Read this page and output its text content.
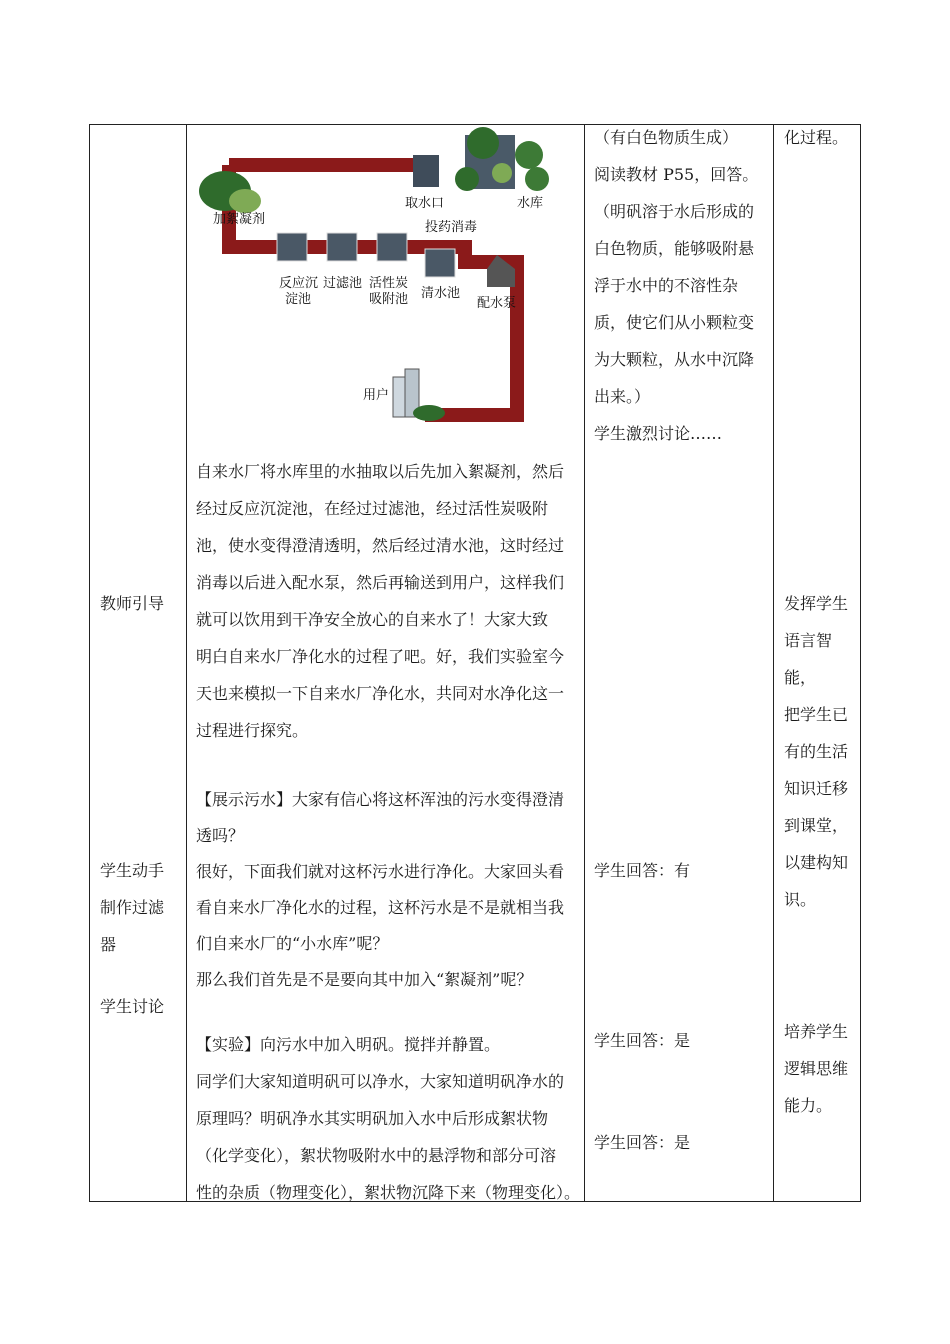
教师引导
学生动手
制作过滤
器
学生讨论
取水口	水库
加絮凝剂
投药消毒
反应沉
淀池
过滤池 活性炭
吸附池 清水池
配水泵
用户
自来水厂将水库里的水抽取以后先加入絮凝剂，然后
经过反应沉淀池，在经过过滤池，经过活性炭吸附
池，使水变得澄清透明，然后经过清水池，这时经过
消毒以后进入配水泵，然后再输送到用户，这样我们
就可以饮用到干净安全放心的自来水了！大家大致
明白自来水厂净化水的过程了吧。好，我们实验室今
天也来模拟一下自来水厂净化水，共同对水净化这一
过程进行探究。
【展示污水】大家有信心将这杯浑浊的污水变得澄清
透吗？
很好，下面我们就对这杯污水进行净化。大家回头看
看自来水厂净化水的过程，这杯污水是不是就相当我
们自来水厂的“小水库”呢？
那么我们首先是不是要向其中加入“絮凝剂”呢？
【实验】向污水中加入明矾。搅拌并静置。
同学们大家知道明矾可以净水，大家知道明矾净水的
原理吗？明矾净水其实明矾加入水中后形成絮状物
（化学变化），絮状物吸附水中的悬浮物和部分可溶
性的杂质（物理变化），絮状物沉降下来（物理变化）。
（有白色物质生成）
阅读教材 P55，回答。
（明矾溶于水后形成的
白色物质，能够吸附悬
浮于水中的不溶性杂
质，使它们从小颗粒变
为大颗粒，从水中沉降
出来。）
学生激烈讨论……
学生回答：有
学生回答：是
学生回答：是
化过程。
发挥学生
语言智
能，
把学生已
有的生活
知识迁移
到课堂，
以建构知
识。
培养学生
逻辑思维
能力。
